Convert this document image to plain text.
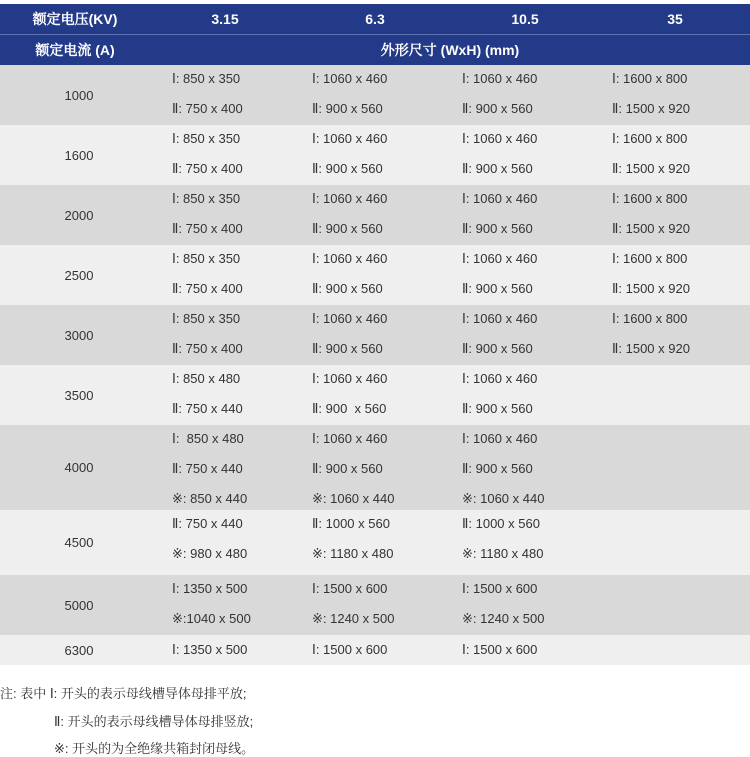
额定电压(KV)	3.15	6.3	10.5	35
额定电流 (A)	外形尺寸 (WxH) (mm)
1000
Ⅰ: 850 x 350	Ⅰ: 1060 x 460	Ⅰ: 1060 x 460	Ⅰ: 1600 x 800
Ⅱ: 750 x 400	Ⅱ: 900 x 560	Ⅱ: 900 x 560	Ⅱ: 1500 x 920
1600
Ⅰ: 850 x 350	Ⅰ: 1060 x 460	Ⅰ: 1060 x 460	Ⅰ: 1600 x 800
Ⅱ: 750 x 400	Ⅱ: 900 x 560	Ⅱ: 900 x 560	Ⅱ: 1500 x 920
2000
Ⅰ: 850 x 350	Ⅰ: 1060 x 460	Ⅰ: 1060 x 460	Ⅰ: 1600 x 800
Ⅱ: 750 x 400	Ⅱ: 900 x 560	Ⅱ: 900 x 560	Ⅱ: 1500 x 920
2500
Ⅰ: 850 x 350	Ⅰ: 1060 x 460	Ⅰ: 1060 x 460	Ⅰ: 1600 x 800
Ⅱ: 750 x 400	Ⅱ: 900 x 560	Ⅱ: 900 x 560	Ⅱ: 1500 x 920
3000
Ⅰ: 850 x 350	Ⅰ: 1060 x 460	Ⅰ: 1060 x 460	Ⅰ: 1600 x 800
Ⅱ: 750 x 400	Ⅱ: 900 x 560	Ⅱ: 900 x 560	Ⅱ: 1500 x 920
3500
Ⅰ: 850 x 480	Ⅰ: 1060 x 460	Ⅰ: 1060 x 460
Ⅱ: 750 x 440	Ⅱ: 900  x 560	Ⅱ: 900 x 560
4000
Ⅰ:  850 x 480	Ⅰ: 1060 x 460	Ⅰ: 1060 x 460
Ⅱ: 750 x 440	Ⅱ: 900 x 560	Ⅱ: 900 x 560
※: 850 x 440	※: 1060 x 440	※: 1060 x 440
4500
Ⅱ: 750 x 440	Ⅱ: 1000 x 560	Ⅱ: 1000 x 560
※: 980 x 480	※: 1180 x 480	※: 1180 x 480
5000
Ⅰ: 1350 x 500	Ⅰ: 1500 x 600	Ⅰ: 1500 x 600
※:1040 x 500	※: 1240 x 500	※: 1240 x 500
6300	Ⅰ: 1350 x 500	Ⅰ: 1500 x 600	Ⅰ: 1500 x 600
注: 表中 Ⅰ: 开头的表示母线槽导体母排平放;
Ⅱ: 开头的表示母线槽导体母排竖放;
※: 开头的为全绝缘共箱封闭母线。
